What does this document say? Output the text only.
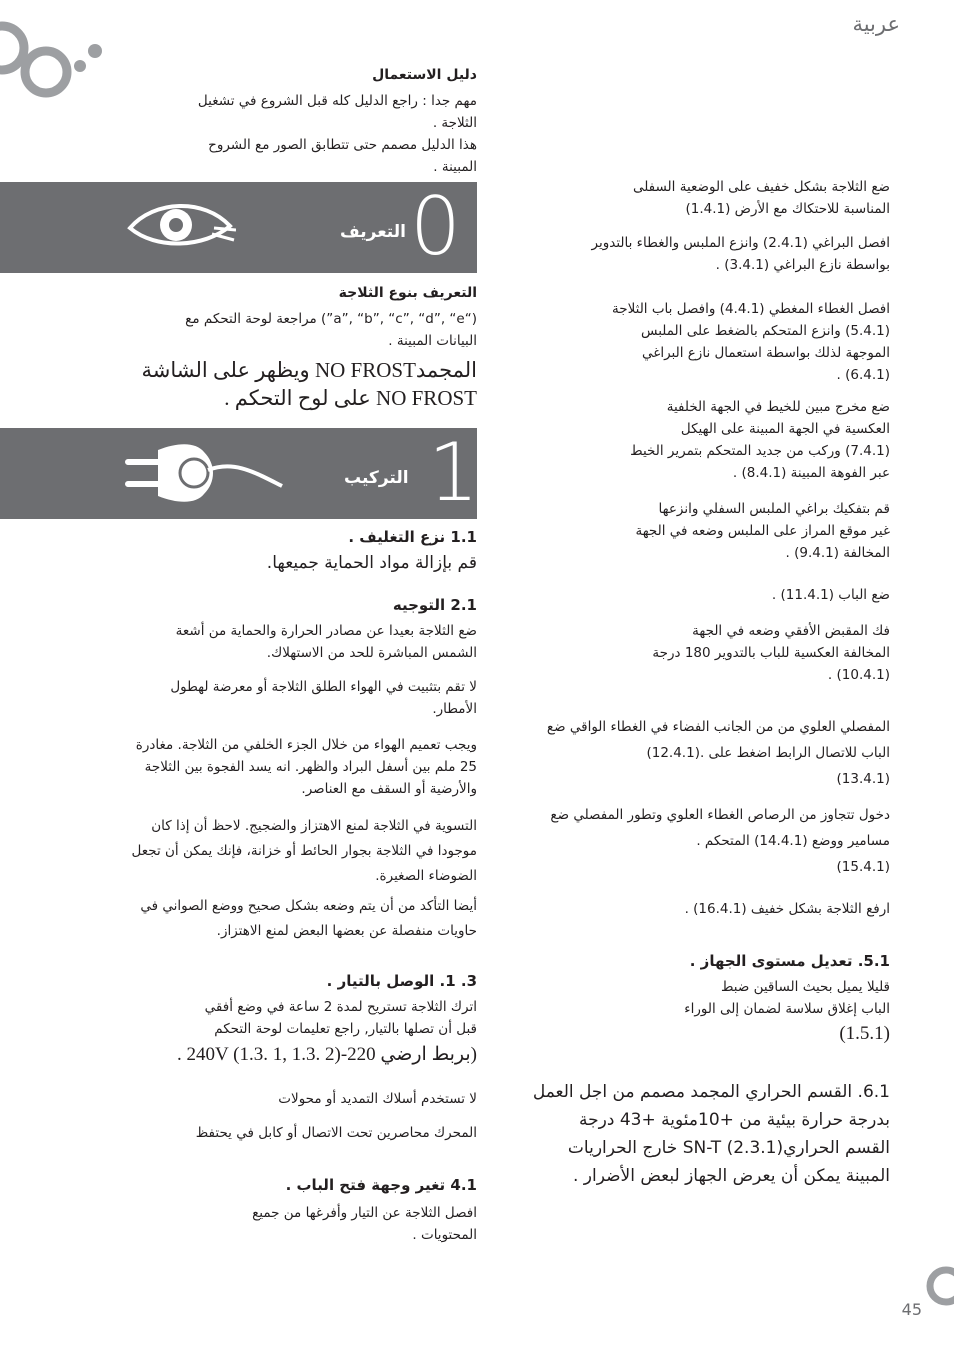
عربية
دليل الاستعمال
مهم جدا : راجع الدليل كله قبل الشروع في تشغيل
الثلاجة .
هذا الدليل مصمم حتى تتطابق الصور مع الشروح
المبينة .
التعريف 0
التعريف بنوع الثلاجة
(“a”, “b”, “c”, “d”, “e”) مراجعة لوحة التحكم مع
البيانات المبينة .
المجمدNO FROST ويظهر على الشاشة
NO FROST على لوح التحكم .
التركيب 1
1.1 نزع التغليف .
قم بإزالة مواد الحماية جميعها.
2.1 التوجيه
ضع الثلاجة بعيدا عن مصادر الحرارة والحماية من أشعة
الشمس المباشرة للحد من الاستهلاك.
لا تقم بتثبيت في الهواء الطلق الثلاجة أو معرضة لهطول
الأمطار.
ويجب تعميم الهواء من خلال الجزء الخلفي من الثلاجة. مغادرة
25 ملم بين أسفل البراد والظهر. انه يسد الفجوة بين الثلاجة
والأرضية أو السقف مع العناصر.
التسوية في الثلاجة لمنع الاهتزاز والضجيج. لاحظ أن إذا كان
موجودا في الثلاجة بجوار الحائط أو خزانة، فإنك يمكن أن تجعل
الضوضاء الصغيرة.
أيضا التأكد من أن يتم وضعه بشكل صحيح ووضع الصواني في
حاويات منفصلة عن بعضها البعض لمنع الاهتزاز.
3. 1. الوصل بالتيار .
اترك الثلاجة تستريح لمدة 2 ساعة في وضع أفقي
قبل أن تصلها بالتيار, راجع تعليمات لوحة التحكم
(بربط ارضي 220-240V (1.3. 1, 1.3. 2) .
لا تستخدم أسلاك التمديد أو محولات
المحرك محاصرين تحت الاتصال أو كابل في يحتفظ
4.1 تغير وجهة فتح الباب .
افصل الثلاجة عن التيار وأفرغها من جميع
المحتويات .
ضع الثلاجة بشكل خفيف على الوضعية السفلى
المناسبة للاحتكاك مع الأرض (1.4.1)
افصل البراغي (2.4.1) وانزع الملبس والغطاء بالتدوير
بواسطة نازع البراغي (3.4.1) .
افصل الغطاء المغطي (4.4.1) وافصل باب الثلاجة
(5.4.1) وانزع المتحكم بالضغط على الملبس
الموجهة لذلك بواسطة استعمال نازع البراغي
(6.4.1) .
ضع مخرج مبين للخيط في الجهة الخلفية
العكسية في الجهة المبينة على الهيكل
(7.4.1) وركب من جديد المتحكم بتمرير الخيط
عبر الفوهة المبينة (8.4.1) .
قم بتفكيك براغي الملبس السفلي وانزعها
غير موقع المراز على الملبس وضعه في الجهة
المخالفة (9.4.1) .
ضع الباب (11.4.1) .
فك المقبض الأفقي وضعه في الجهة
المخالفة العكسية للباب بالتدوير 180 درجة
(10.4.1) .
المفصلي العلوي من من الجانب الفضاء في الغطاء الواقي ضع
الباب للاتصال الرابط اضغط على .(12.4.1)
(13.4.1)
دخول تتجاوز من الرصاص الغطاء العلوي وتطور المفصلي ضع
مسامير ووضع (14.4.1) المتحكم .
(15.4.1)
ارفع الثلاجة بشكل خفيف (16.4.1) .
5.1. تعديل مستوى الجهاز .
قليلا يميل بحيث الساقين ضبط
الباب إغلاق سلاسة لضمان إلى الوراء
(1.5.1)
6.1. القسم الحراري المجمد مصمم من اجل العمل
بدرجة حرارة بيئية من +10مئوية +43 درجة
القسم الحراريSN-T (2.3.1) خارج الحراريات
المبينة يمكن أن يعرض الجهاز لبعض الأضرار .
45
